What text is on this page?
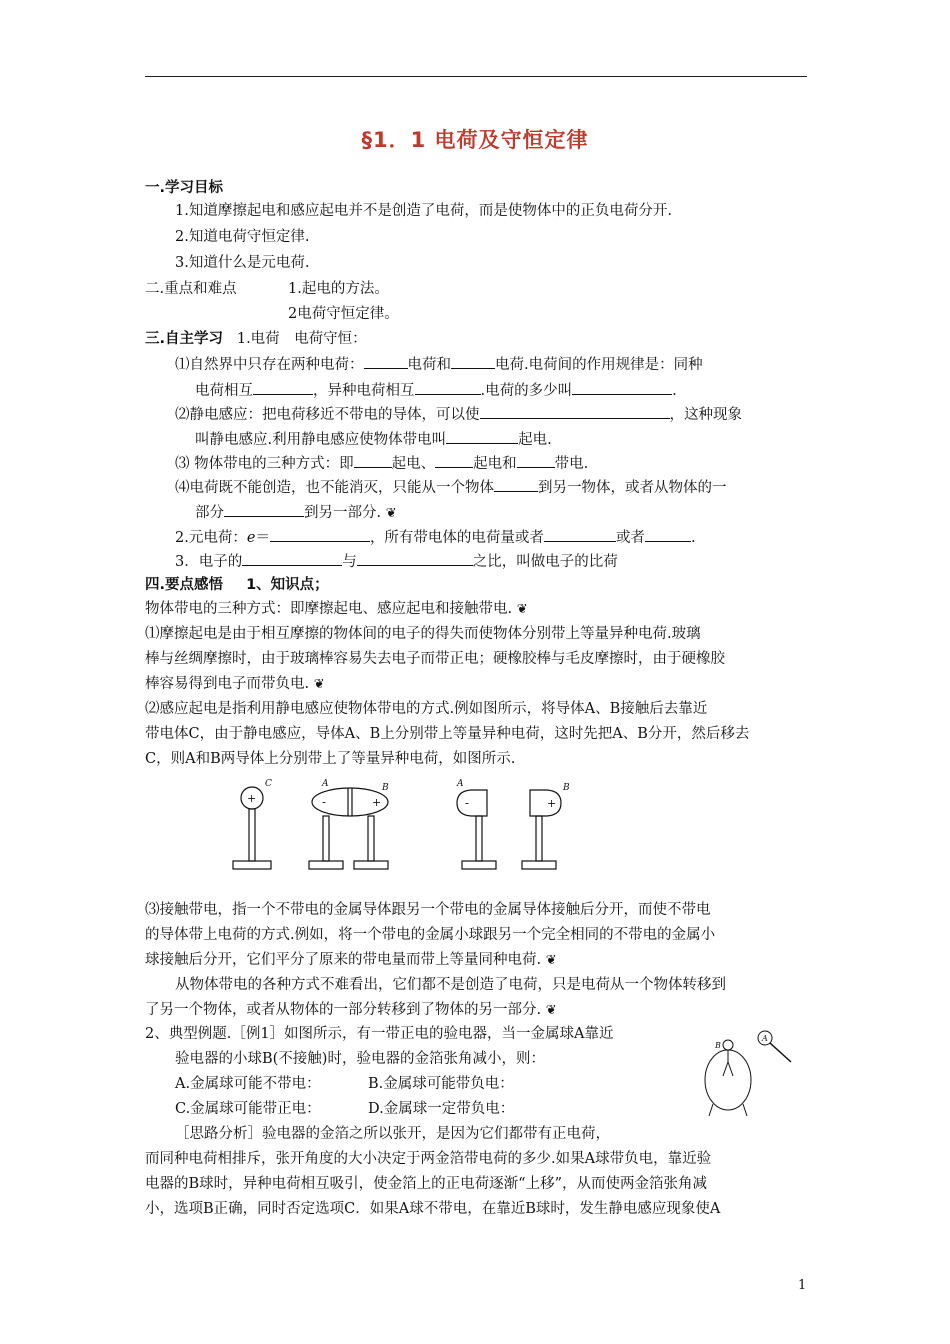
§1．1 电荷及守恒定律
一.学习目标
1.知道摩擦起电和感应起电并不是创造了电荷，而是使物体中的正负电荷分开.
2.知道电荷守恒定律.
3.知道什么是元电荷.
二.重点和难点	1.起电的方法。
2电荷守恒定律。
三.自主学习 1.电荷　电荷守恒：
⑴自然界中只存在两种电荷：	电荷和	电荷.电荷间的作用规律是：同种
电荷相互	，异种电荷相互	.电荷的多少叫	.
⑵静电感应：把电荷移近不带电的导体，可以使	，这种现象
叫静电感应.利用静电感应使物体带电叫	起电.
⑶ 物体带电的三种方式：即	起电、	起电和	带电.
⑷电荷既不能创造，也不能消灭，只能从一个物体	到另一物体，或者从物体的一
部分	到另一部分. ❦
2.元电荷：e＝	，所有带电体的电荷量或者	或者	.
3．电子的	与	之比，叫做电子的比荷
四.要点感悟 1、知识点；
物体带电的三种方式：即摩擦起电、感应起电和接触带电. ❦
⑴摩擦起电是由于相互摩擦的物体间的电子的得失而使物体分别带上等量异种电荷.玻璃
棒与丝绸摩擦时，由于玻璃棒容易失去电子而带正电；硬橡胶棒与毛皮摩擦时，由于硬橡胶
棒容易得到电子而带负电. ❦
⑵感应起电是指利用静电感应使物体带电的方式.例如图所示，将导体A、B接触后去靠近
带电体C，由于静电感应，导体A、B上分别带上等量异种电荷，这时先把A、B分开，然后移去
C，则A和B两导体上分别带上了等量异种电荷，如图所示.
C
+
A	B
-	+
A
-
B
+
⑶接触带电，指一个不带电的金属导体跟另一个带电的金属导体接触后分开，而使不带电
的导体带上电荷的方式.例如，将一个带电的金属小球跟另一个完全相同的不带电的金属小
球接触后分开，它们平分了原来的带电量而带上等量同种电荷. ❦
从物体带电的各种方式不难看出，它们都不是创造了电荷，只是电荷从一个物体转移到
了另一个物体，或者从物体的一部分转移到了物体的另一部分. ❦
2、典型例题.［例1］如图所示，有一带正电的验电器，当一金属球A靠近
验电器的小球B(不接触)时，验电器的金箔张角减小，则：
A.金属球可能不带电：	B.金属球可能带负电：
C.金属球可能带正电：	D.金属球一定带负电：
B
A
［思路分析］验电器的金箔之所以张开，是因为它们都带有正电荷，
而同种电荷相排斥，张开角度的大小决定于两金箔带电荷的多少.如果A球带负电，靠近验
电器的B球时，异种电荷相互吸引，使金箔上的正电荷逐渐“上移”，从而使两金箔张角减
小，选项B正确，同时否定选项C．如果A球不带电，在靠近B球时，发生静电感应现象使A
1
